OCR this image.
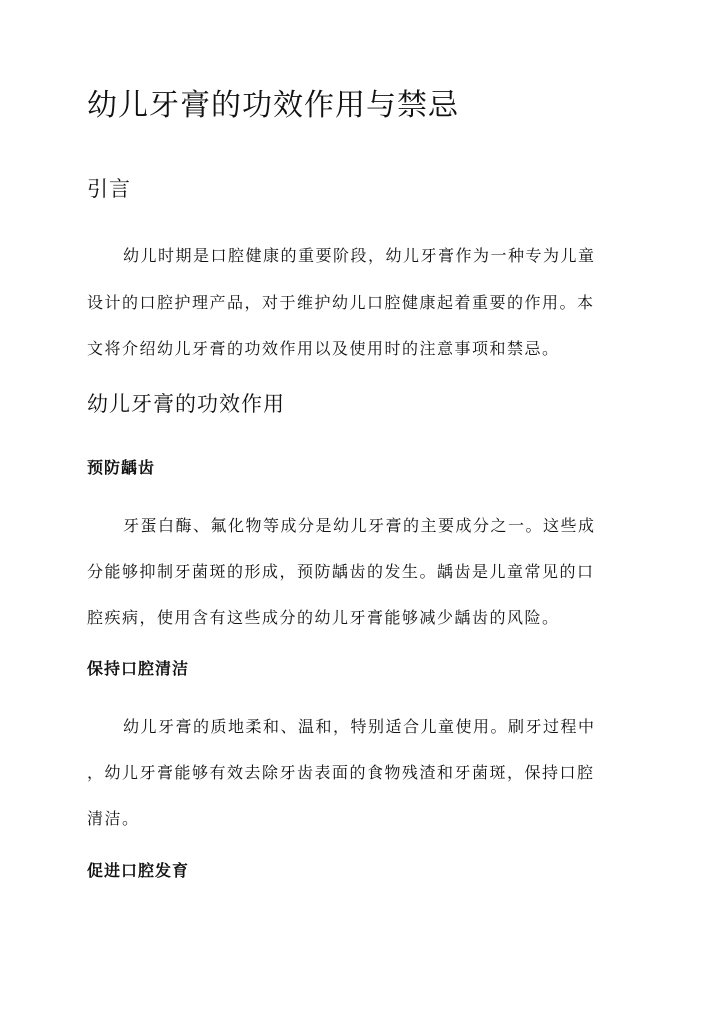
幼儿牙膏的功效作用与禁忌
引言
幼儿时期是口腔健康的重要阶段，幼儿牙膏作为一种专为儿童
设计的口腔护理产品，对于维护幼儿口腔健康起着重要的作用。本
文将介绍幼儿牙膏的功效作用以及使用时的注意事项和禁忌。
幼儿牙膏的功效作用
预防龋齿
牙蛋白酶、氟化物等成分是幼儿牙膏的主要成分之一。这些成
分能够抑制牙菌斑的形成，预防龋齿的发生。龋齿是儿童常见的口
腔疾病，使用含有这些成分的幼儿牙膏能够减少龋齿的风险。
保持口腔清洁
幼儿牙膏的质地柔和、温和，特别适合儿童使用。刷牙过程中
，幼儿牙膏能够有效去除牙齿表面的食物残渣和牙菌斑，保持口腔
清洁。
促进口腔发育
